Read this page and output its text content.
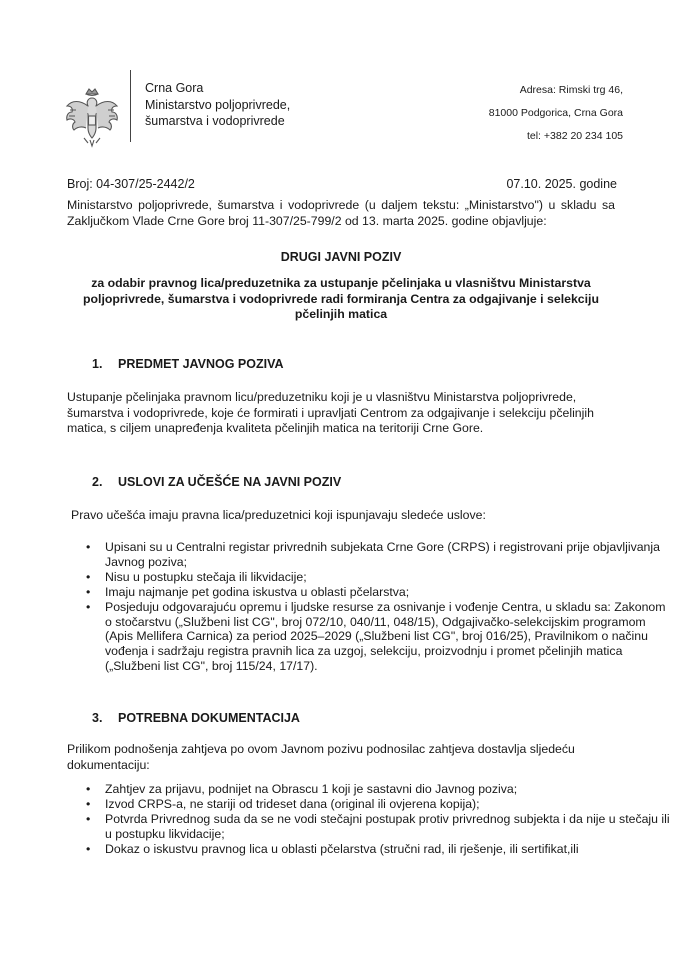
Crna Gora
Ministarstvo poljoprivrede,
šumarstva i vodoprivrede
Adresa: Rimski trg 46,
81000 Podgorica, Crna Gora
tel: +382 20 234 105
Broj: 04-307/25-2442/2	07.10. 2025. godine
Ministarstvo poljoprivrede, šumarstva i vodoprivrede (u daljem tekstu: „Ministarstvo") u skladu sa Zaključkom Vlade Crne Gore broj 11-307/25-799/2 od 13. marta 2025. godine objavljuje:
DRUGI JAVNI POZIV
za odabir pravnog lica/preduzetnika za ustupanje pčelinjaka u vlasništvu Ministarstva poljoprivrede, šumarstva i vodoprivrede radi formiranja Centra za odgajivanje i selekciju pčelinjih matica
1. PREDMET JAVNOG POZIVA
Ustupanje pčelinjaka pravnom licu/preduzetniku koji je u vlasništvu Ministarstva poljoprivrede, šumarstva i vodoprivrede, koje će formirati i upravljati Centrom za odgajivanje i selekciju pčelinjih matica, s ciljem unapređenja kvaliteta pčelinjih matica na teritoriji Crne Gore.
2. USLOVI ZA UČEŠĆE NA JAVNI POZIV
Pravo učešća imaju pravna lica/preduzetnici koji ispunjavaju sledeće uslove:
• Upisani su u Centralni registar privrednih subjekata Crne Gore (CRPS) i registrovani prije objavljivanja Javnog poziva;
• Nisu u postupku stečaja ili likvidacije;
• Imaju najmanje pet godina iskustva u oblasti pčelarstva;
• Posjeduju odgovarajuću opremu i ljudske resurse za osnivanje i vođenje Centra, u skladu sa: Zakonom o stočarstvu („Službeni list CG", broj 072/10, 040/11, 048/15), Odgajivačko-selekcijskim programom (Apis Mellifera Carnica) za period 2025–2029 („Službeni list CG", broj 016/25), Pravilnikom o načinu vođenja i sadržaju registra pravnih lica za uzgoj, selekciju, proizvodnju i promet pčelinjih matica („Službeni list CG", broj 115/24, 17/17).
3. POTREBNA DOKUMENTACIJA
Prilikom podnošenja zahtjeva po ovom Javnom pozivu podnosilac zahtjeva dostavlja sljedeću dokumentaciju:
• Zahtjev za prijavu, podnijet na Obrascu 1 koji je sastavni dio Javnog poziva;
• Izvod CRPS-a, ne stariji od trideset dana (original ili ovjerena kopija);
• Potvrda Privrednog suda da se ne vodi stečajni postupak protiv privrednog subjekta i da nije u stečaju ili u postupku likvidacije;
• Dokaz o iskustvu pravnog lica u oblasti pčelarstva (stručni rad, ili rješenje, ili sertifikat,ili
